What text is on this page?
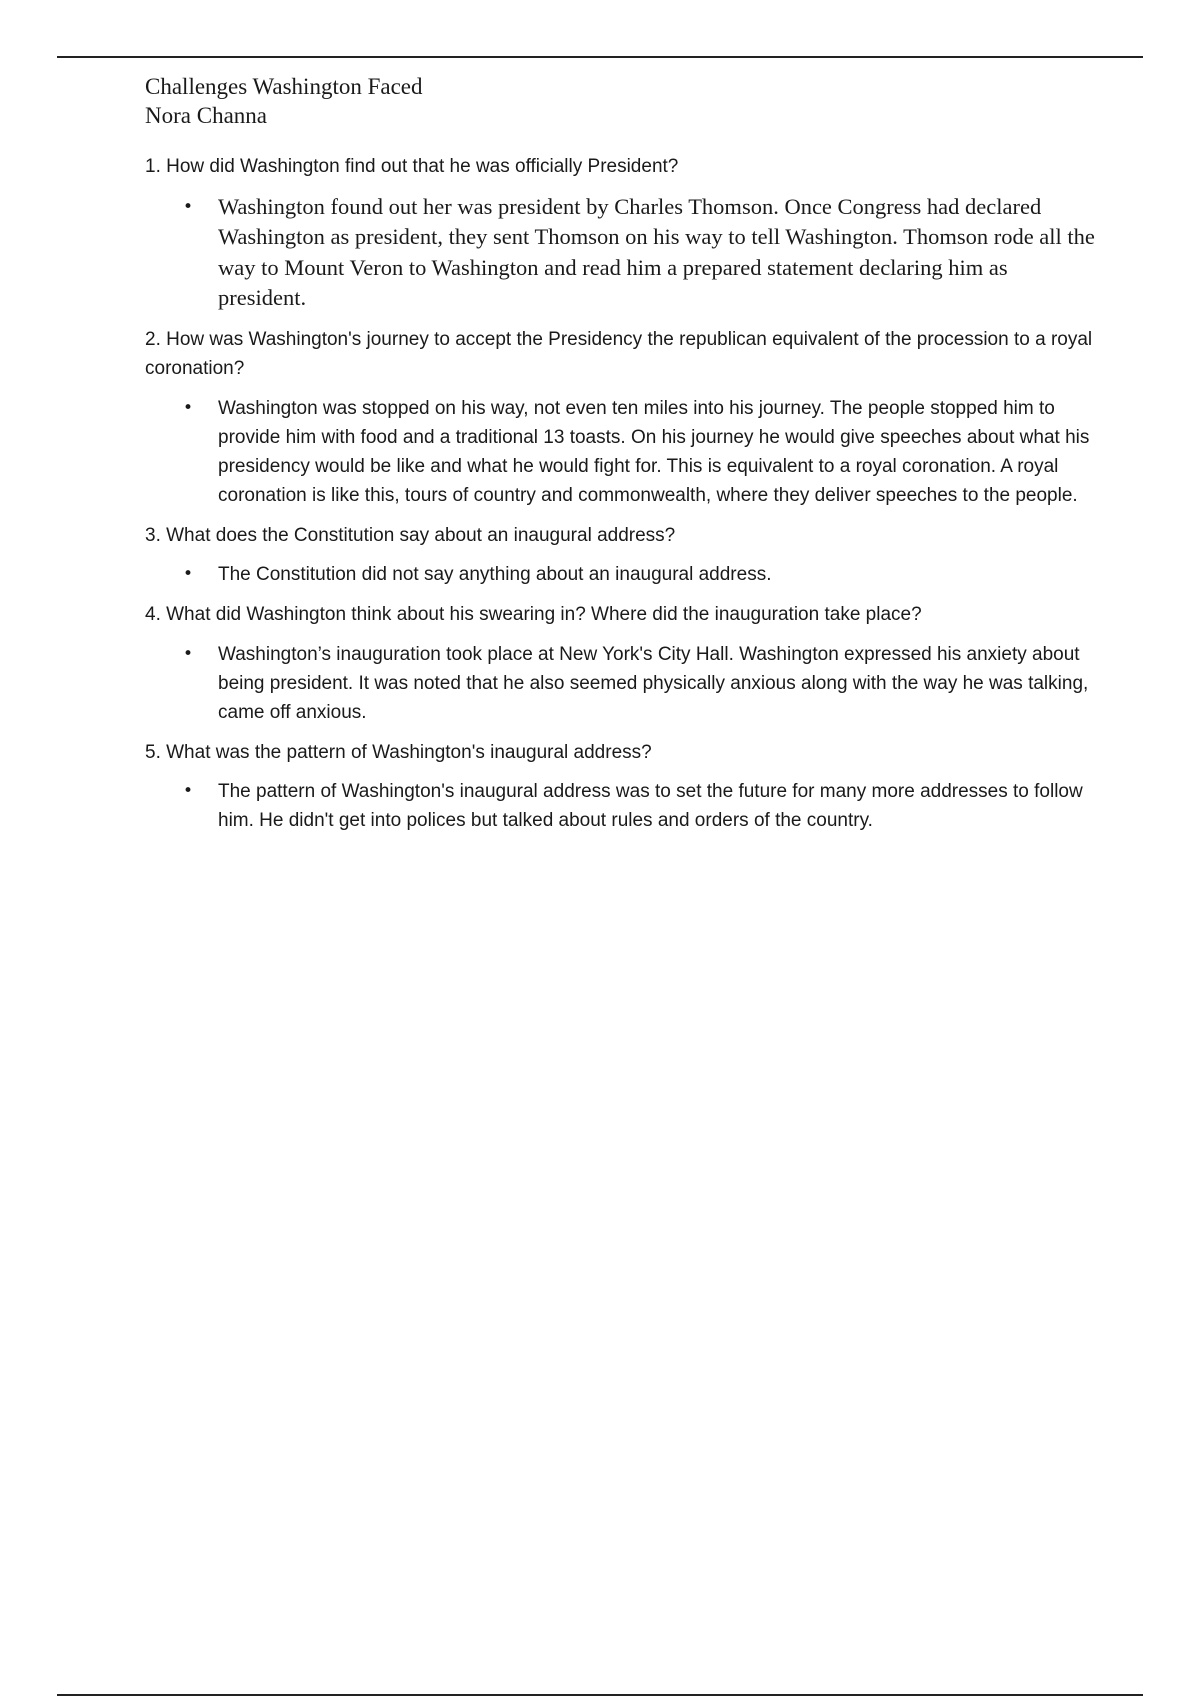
Challenges Washington Faced

Nora Channa

1. How did Washington find out that he was officially President?

• Washington found out her was president by Charles Thomson. Once Congress had declared Washington as president, they sent Thomson on his way to tell Washington. Thomson rode all the way to Mount Veron to Washington and read him a prepared statement declaring him as president.

2. How was Washington's journey to accept the Presidency the republican equivalent of the procession to a royal coronation?

• Washington was stopped on his way, not even ten miles into his journey. The people stopped him to provide him with food and a traditional 13 toasts. On his journey he would give speeches about what his presidency would be like and what he would fight for. This is equivalent to a royal coronation. A royal coronation is like this, tours of country and commonwealth, where they deliver speeches to the people.

3. What does the Constitution say about an inaugural address?

• The Constitution did not say anything about an inaugural address.

4. What did Washington think about his swearing in? Where did the inauguration take place?

• Washington’s inauguration took place at New York's City Hall. Washington expressed his anxiety about being president. It was noted that he also seemed physically anxious along with the way he was talking, came off anxious.

5. What was the pattern of Washington's inaugural address?

• The pattern of Washington's inaugural address was to set the future for many more addresses to follow him. He didn't get into polices but talked about rules and orders of the country.
